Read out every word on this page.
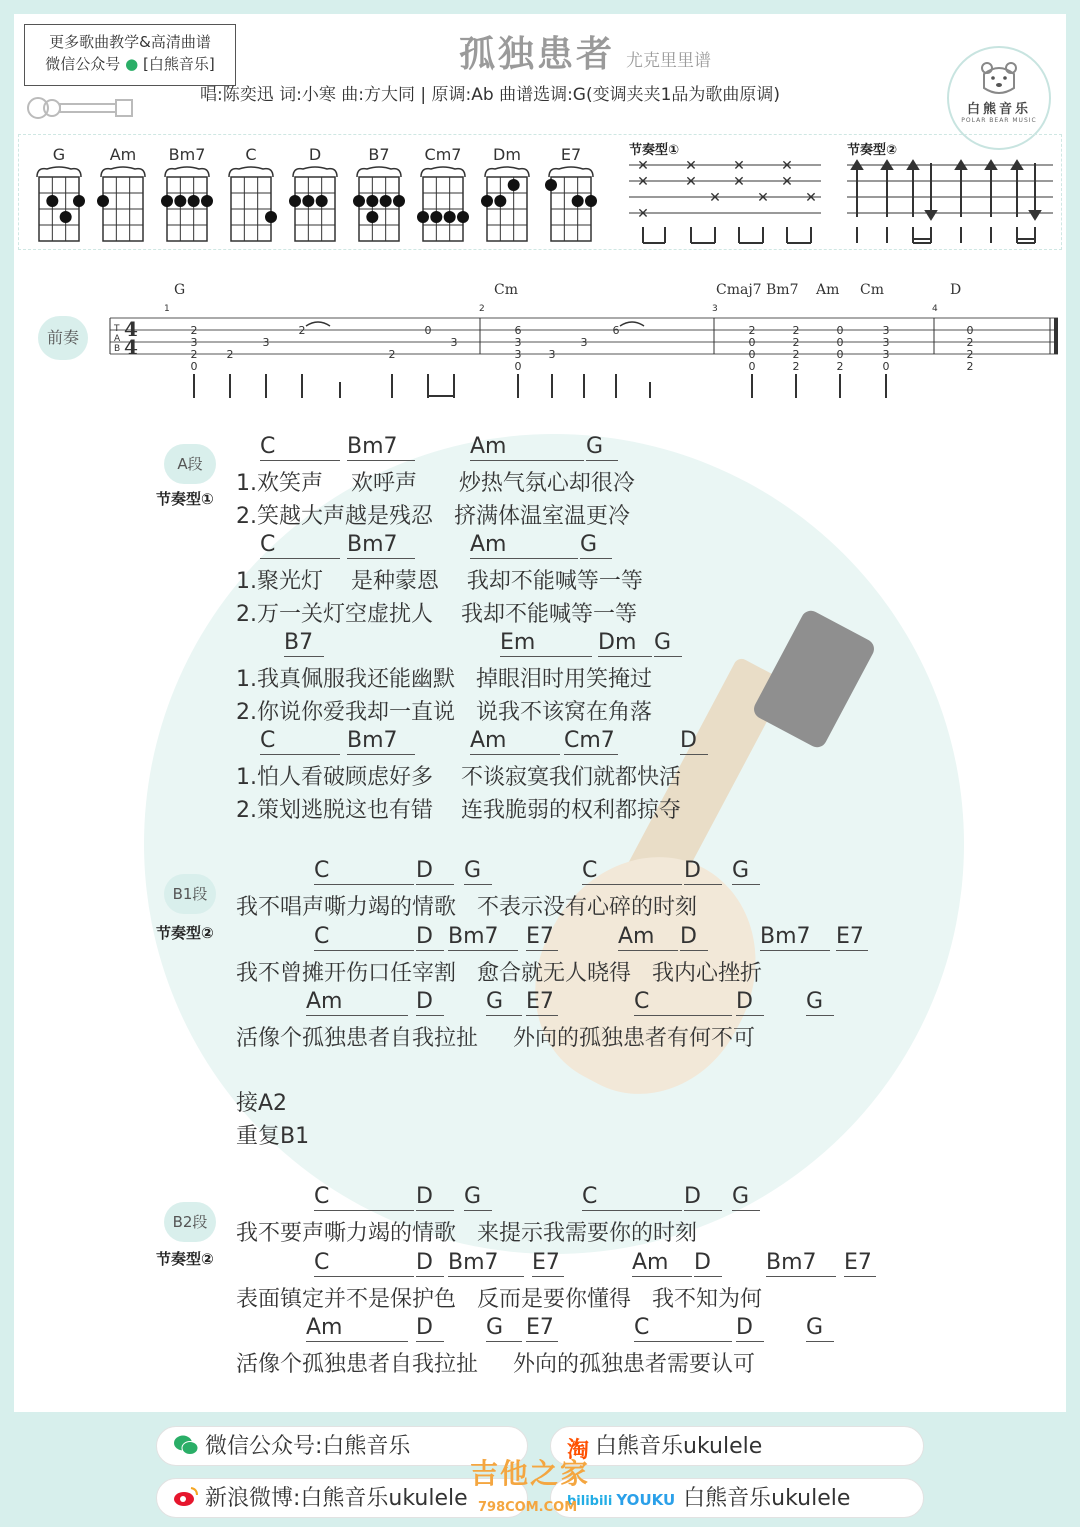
更多歌曲教学&高清曲谱
微信公众号 ● [白熊音乐]	孤独患者 尤克里里谱
唱:陈奕迅 词:小寒 曲:方大同 | 原调:Ab 曲谱选调:G(变调夹夹1品为歌曲原调)
白熊音乐
POLAR BEAR MUSIC
G	Am	Bm7	C	D	B7	Cm7	Dm	E7	节奏型①	节奏型②
✕
✕
✕
✕
✕
✕
✕
✕
✕
✕
✕
✕
前奏
G	Cm	Cmaj7 Bm7 Am Cm	D
T
A
B
1	2	3	4
4
4
2
3
2
0
2
3
2
2
0
3
6
3
3
0
3
3
6	2
0
0
0
2
2
2
2
0
0
0
2
3
3
3
0
0
2
2
2
A段
节奏型①
C	Bm7	Am	G
1.欢笑声    欢呼声      炒热气氛心却很冷
2.笑越大声越是残忍   挤满体温室温更冷
C	Bm7	Am	G
1.聚光灯    是种蒙恩    我却不能喊等一等
2.万一关灯空虚扰人    我却不能喊等一等
B7	Em	Dm G
1.我真佩服我还能幽默   掉眼泪时用笑掩过
2.你说你爱我却一直说   说我不该窝在角落
C	Bm7	Am	Cm7	D
1.怕人看破顾虑好多    不谈寂寞我们就都快活
2.策划逃脱这也有错    连我脆弱的权利都掠夺
C	D	G	C	D	G
我不唱声嘶力竭的情歌   不表示没有心碎的时刻
C	D Bm7	E7	Am	D	Bm7	E7
我不曾摊开伤口任宰割   愈合就无人晓得   我内心挫折
Am	D	G	E7	C	D	G
活像个孤独患者自我拉扯     外向的孤独患者有何不可
C	D	G	C	D	G
我不要声嘶力竭的情歌   来提示我需要你的时刻
C	D Bm7	E7	Am	D	Bm7	E7
表面镇定并不是保护色   反而是要你懂得   我不知为何
Am	D	G	E7	C	D	G
活像个孤独患者自我拉扯     外向的孤独患者需要认可
B1段
节奏型②
接A2
重复B1
B2段
节奏型②
微信公众号:白熊音乐	淘 白熊音乐ukulele
新浪微博:白熊音乐ukulele	bilibili YOUKU 白熊音乐ukulele
吉他之家
798COM.COM
